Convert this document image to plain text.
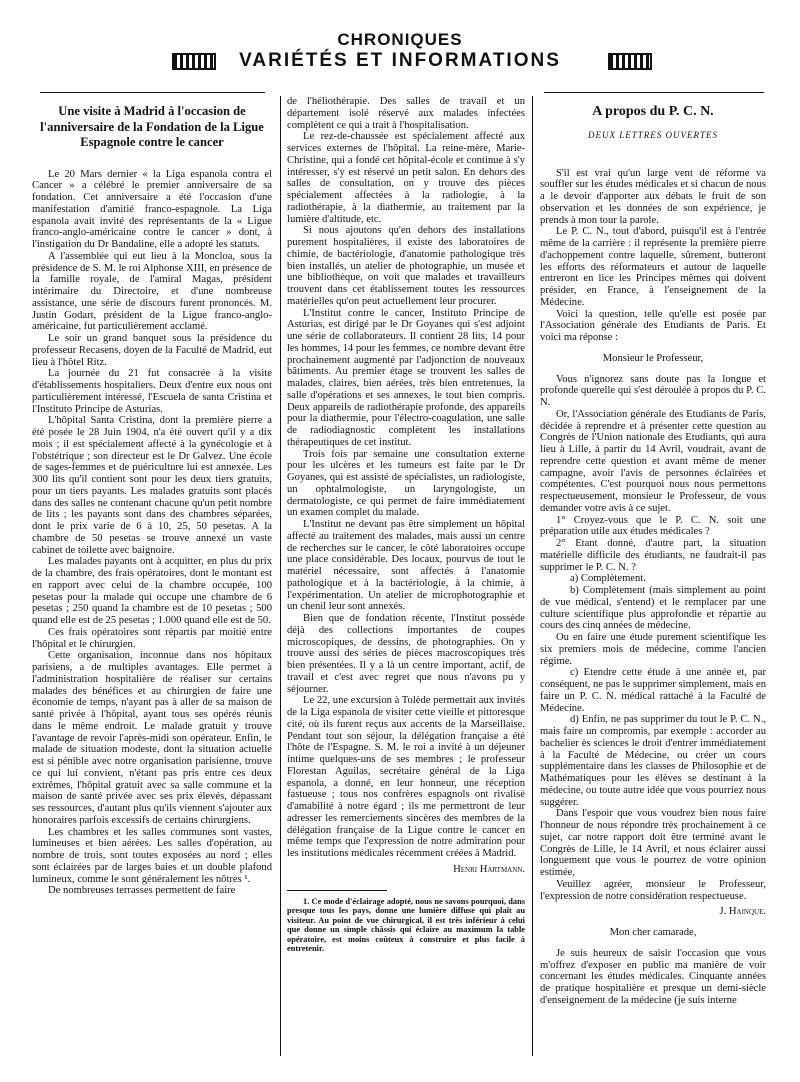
CHRONIQUES
VARIÉTÉS ET INFORMATIONS

Une visite à Madrid à l'occasion de l'anniversaire de la Fondation de la Ligue Espagnole contre le cancer

Le 20 Mars dernier « la Liga espanola contra el Cancer » a célébré le premier anniversaire de sa fondation. Cet anniversaire a été l'occasion d'une manifestation d'amitié franco-espagnole. La Liga espanola avait invité des représentants de la « Ligue franco-anglo-américaine contre le cancer » dont, à l'instigation du Dr Bandaline, elle a adopté les statuts.

A l'assemblée qui eut lieu à la Moncloa, sous la présidence de S. M. le roi Alphonse XIII, en présence de la famille royale, de l'amiral Magas, président intérimaire du Directoire, et d'une nombreuse assistance, une série de discours furent prononcés. M. Justin Godart, président de la Ligue franco-anglo-américaine, fut particulièrement acclamé.

Le soir un grand banquet sous la présidence du professeur Recasens, doyen de la Faculté de Madrid, eut lieu à l'hôtel Ritz.

La journée du 21 fut consacrée à la visite d'établissements hospitaliers. Deux d'entre eux nous ont particulièrement intéressé, l'Escuela de santa Cristina et l'Instituto Principe de Asturias.

L'hôpital Santa Cristina, dont la première pierre a été posée le 28 Juin 1904, n'a été ouvert qu'il y a dix mois ; il est spécialement affecté à la gynécologie et à l'obstétrique ; son directeur est le Dr Galvez. Une école de sages-femmes et de puériculture lui est annexée. Les 300 lits qu'il contient sont pour les deux tiers gratuits, pour un tiers payants. Les malades gratuits sont placés dans des salles ne contenant chacune qu'un petit nombre de lits ; les payants sont dans des chambres séparées, dont le prix varie de 6 à 10, 25, 50 pesetas. A la chambre de 50 pesetas se trouve annexé un vaste cabinet de toilette avec baignoire.

Les malades payants ont à acquitter, en plus du prix de la chambre, des frais opératoires, dont le montant est en rapport avec celui de la chambre occupée, 100 pesetas pour la malade qui occupe une chambre de 6 pesetas ; 250 quand la chambre est de 10 pesetas ; 500 quand elle est de 25 pesetas ; 1.000 quand elle est de 50.

Ces frais opératoires sont répartis par moitié entre l'hôpital et le chirurgien.

Cette organisation, inconnue dans nos hôpitaux parisiens, a de multiples avantages. Elle permet à l'administration hospitalière de réaliser sur certains malades des bénéfices et au chirurgien de faire une économie de temps, n'ayant pas à aller de sa maison de santé privée à l'hôpital, ayant tous ses opérés réunis dans le même endroit. Le malade gratuit y trouve l'avantage de revoir l'après-midi son opérateur. Enfin, le malade de situation modeste, dont la situation actuelle est si pénible avec notre organisation parisienne, trouve ce qui lui convient, n'étant pas pris entre ces deux extrêmes, l'hôpital gratuit avec sa salle commune et la maison de santé privée avec ses prix élevés, dépassant ses ressources, d'autant plus qu'ils viennent s'ajouter aux honoraires parfois excessifs de certains chirurgiens.

Les chambres et les salles communes sont vastes, lumineuses et bien aérées. Les salles d'opération, au nombre de trois, sont toutes exposées au nord ; elles sont éclairées par de larges baies et un double plafond lumineux, comme le sont généralement les nôtres ¹.

De nombreuses terrasses permettent de faire

de l'héliothérapie. Des salles de travail et un département isolé réservé aux malades infectées complètent ce qui a trait à l'hospitalisation.

Le rez-de-chaussée est spécialement affecté aux services externes de l'hôpital. La reine-mère, Marie-Christine, qui a fondé cet hôpital-école et continue à s'y intéresser, s'y est réservé un petit salon. En dehors des salles de consultation, on y trouve des pièces spécialement affectées à la radiologie, à la radiothérapie, à la diathermie, au traitement par la lumière d'altitude, etc.

Si nous ajoutons qu'en dehors des installations purement hospitalières, il existe des laboratoires de chimie, de bactériologie, d'anatomie pathologique très bien installés, un atelier de photographie, un musée et une bibliothèque, on voit que malades et travailleurs trouvent dans cet établissement toutes les ressources matérielles qu'on peut actuellement leur procurer.

L'Institut contre le cancer, Instituto Principe de Asturias, est dirigé par le Dr Goyanes qui s'est adjoint une série de collaborateurs. Il contient 28 lits, 14 pour les hommes, 14 pour les femmes, ce nombre devant être prochainement augmenté par l'adjonction de nouveaux bâtiments. Au premier étage se trouvent les salles de malades, claires, bien aérées, très bien entretenues, la salle d'opérations et ses annexes, le tout bien compris. Deux appareils de radiothérapie profonde, des appareils pour la diathermie, pour l'électro-coagulation, une salle de radiodiagnostic complètent les installations thérapeutiques de cet institut.

Trois fois par semaine une consultation externe pour les ulcères et les tumeurs est faite par le Dr Goyanes, qui est assisté de spécialistes, un radiologiste, un ophtalmologiste, un laryngologiste, un dermatologiste, ce qui permet de faire immédiatement un examen complet du malade.

L'Institut ne devant pas être simplement un hôpital affecté au traitement des malades, mais aussi un centre de recherches sur le cancer, le côté laboratoires occupe une place considérable. Des locaux, pourvus de tout le matériel nécessaire, sont affectés à l'anatomie pathologique et à la bactériologie, à la chimie, à l'expérimentation. Un atelier de microphotographie et un chenil leur sont annexés.

Bien que de fondation récente, l'Institut possède déjà des collections importantes de coupes microscopiques, de dessins, de photographies. On y trouve aussi des séries de pièces macroscopiques très bien présentées. Il y a là un centre important, actif, de travail et c'est avec regret que nous n'avons pu y séjourner.

Le 22, une excursion à Tolède permettait aux invités de la Liga espanola de visiter cette vieille et pittoresque cité, où ils furent reçus aux accents de la Marseillaise. Pendant tout son séjour, la délégation française a été l'hôte de l'Espagne. S. M. le roi a invité à un déjeuner intime quelques-uns de ses membres ; le professeur Florestan Aguilas, secrétaire général de la Liga espanola, a donné, en leur honneur, une réception fastueuse ; tous nos confrères espagnols ont rivalisé d'amabilité à notre égard ; ils me permettront de leur adresser les remerciements sincères des membres de la délégation française de la Ligue contre le cancer en même temps que l'expression de notre admiration pour les institutions médicales récemment créées à Madrid.

Henri Hartmann.

1. Ce mode d'éclairage adopté, nous ne savons pourquoi, dans presque tous les pays, donne une lumière diffuse qui plaît au visiteur. Au point de vue chirurgical, il est très inférieur à celui que donne un simple châssis qui éclaire au maximum la table opératoire, est moins coûteux à construire et plus facile à entretenir.

A propos du P. C. N.

DEUX LETTRES OUVERTES

S'il est vrai qu'un large vent de réforme va souffler sur les études médicales et si chacun de nous a le devoir d'apporter aux débats le fruit de son observation et les données de son expérience, je prends à mon tour la parole.

Le P. C. N., tout d'abord, puisqu'il est à l'entrée même de la carrière : il représente la première pierre d'achoppement contre laquelle, sûrement, butteront les efforts des réformateurs et autour de laquelle entreront en lice les Principes mêmes qui doivent présider, en France, à l'enseignement de la Médecine.

Voici la question, telle qu'elle est posée par l'Association générale des Etudiants de Paris. Et voici ma réponse :

Monsieur le Professeur,

Vous n'ignorez sans doute pas la longue et profonde querelle qui s'est déroulée à propos du P. C. N.

Or, l'Association générale des Etudiants de Paris, décidée à reprendre et à présenter cette question au Congrès de l'Union nationale des Etudiants, qui aura lieu à Lille, à partir du 14 Avril, voudrait, avant de reprendre cette question et avant même de mener campagne, avoir l'avis de personnes éclairées et compétentes. C'est pourquoi nous nous permettons respectueusement, monsieur le Professeur, de vous demander votre avis à ce sujet.

1° Croyez-vous que le P. C. N. soit une préparation utile aux études médicales ?

2° Etant donné, d'autre part, la situation matérielle difficile des étudiants, ne faudrait-il pas supprimer le P. C. N. ?

a) Complètement.

b) Complètement (mais simplement au point de vue médical, s'entend) et le remplacer par une culture scientifique plus approfondie et répartie au cours des cinq années de médecine.

Ou en faire une étude purement scientifique les six premiers mois de médecine, comme l'ancien régime.

c) Etendre cette étude à une année et, par conséquent, ne pas le supprimer simplement, mais en faire un P. C. N. médical rattaché à la Faculté de Médecine.

d) Enfin, ne pas supprimer du tout le P. C. N., mais faire un compromis, par exemple : accorder au bachelier ès sciences le droit d'entrer immédiatement à la Faculté de Médecine, ou créer un cours supplémentaire dans les classes de Philosophie et de Mathématiques pour les élèves se destinant à la médecine, ou toute autre idée que vous pourriez nous suggérer.

Dans l'espoir que vous voudrez bien nous faire l'honneur de nous répondre très prochainement à ce sujet, car notre rapport doit être terminé avant le Congrès de Lille, le 14 Avril, et nous éclairer aussi longuement que vous le pourrez de votre opinion estimée,

Veuillez agréer, monsieur le Professeur, l'expression de notre considération respectueuse.

J. Hainque.

Mon cher camarade,

Je suis heureux de saisir l'occasion que vous m'offrez d'exposer en public ma manière de voir concernant les études médicales. Cinquante années de pratique hospitalière et presque un demi-siècle d'enseignement de la médecine (je suis interne
